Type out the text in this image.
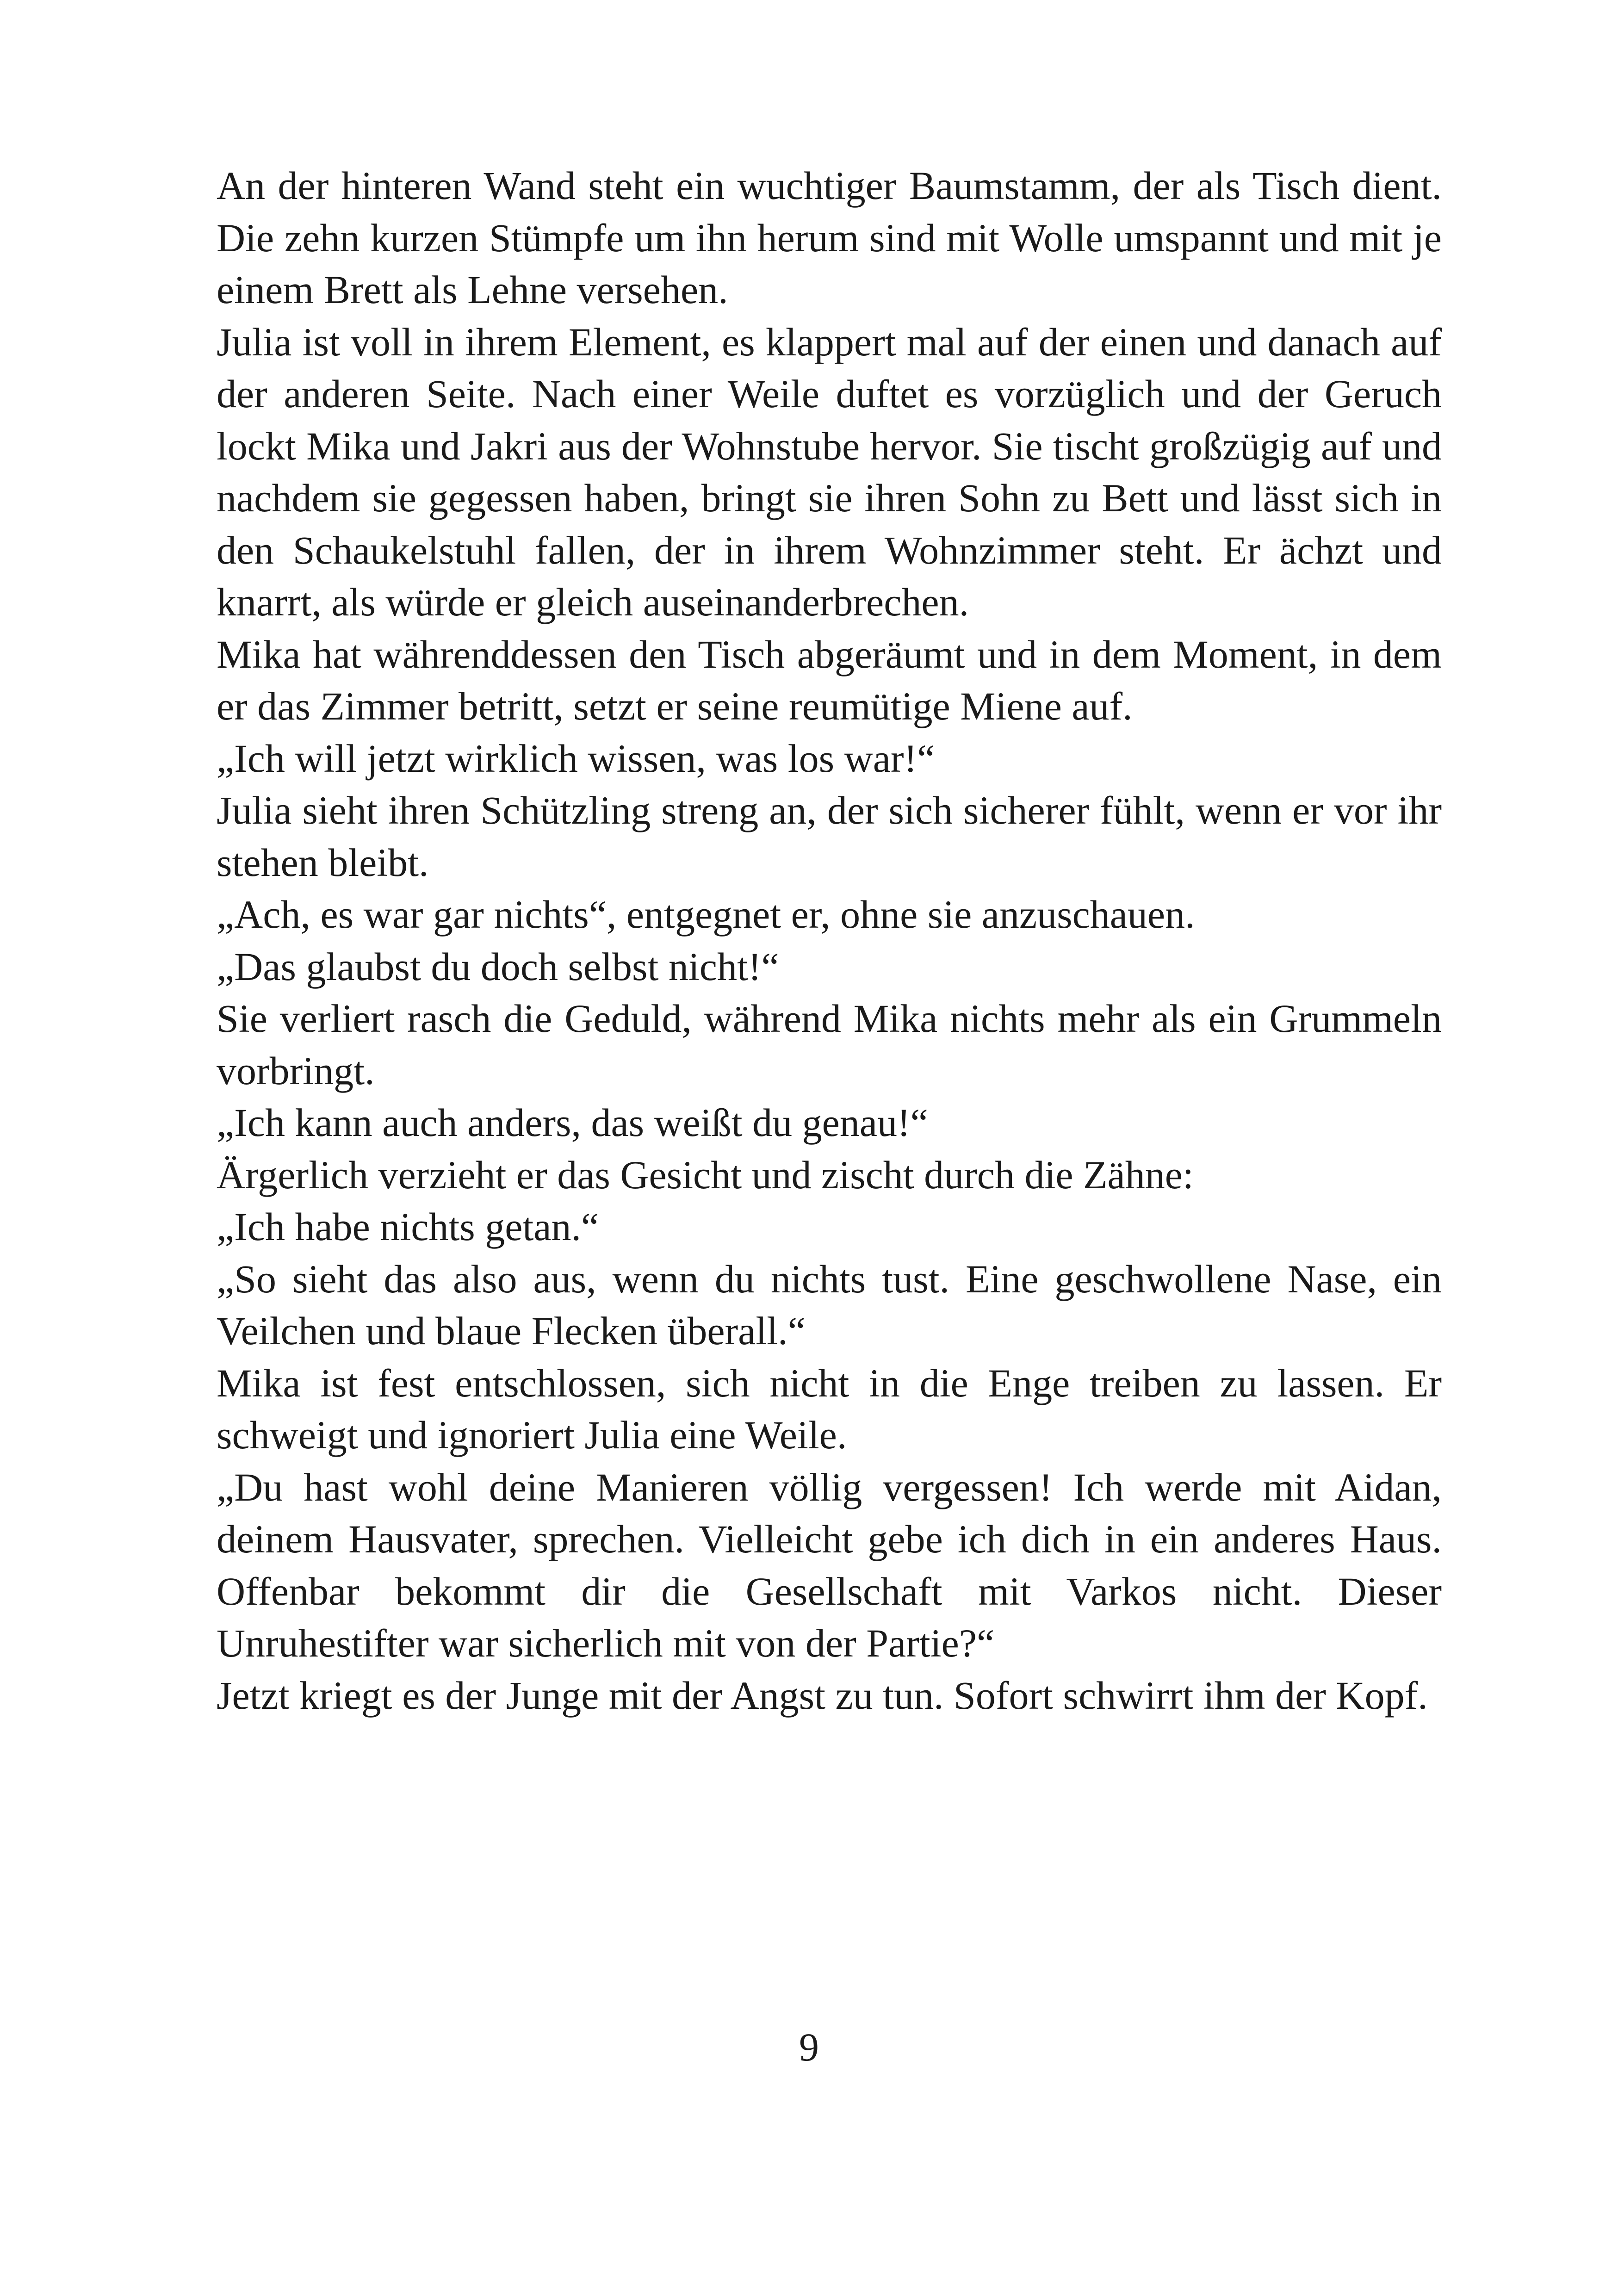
An der hinteren Wand steht ein wuchtiger Baumstamm, der als Tisch dient. Die zehn kurzen Stümpfe um ihn herum sind mit Wolle umspannt und mit je einem Brett als Lehne versehen.

Julia ist voll in ihrem Element, es klappert mal auf der einen und danach auf der anderen Seite. Nach einer Weile duftet es vorzüglich und der Geruch lockt Mika und Jakri aus der Wohnstube hervor. Sie tischt großzügig auf und nachdem sie gegessen haben, bringt sie ihren Sohn zu Bett und lässt sich in den Schaukelstuhl fallen, der in ihrem Wohnzimmer steht. Er ächzt und knarrt, als würde er gleich auseinanderbrechen.

Mika hat währenddessen den Tisch abgeräumt und in dem Moment, in dem er das Zimmer betritt, setzt er seine reumütige Miene auf.

„Ich will jetzt wirklich wissen, was los war!“

Julia sieht ihren Schützling streng an, der sich sicherer fühlt, wenn er vor ihr stehen bleibt.

„Ach, es war gar nichts“, entgegnet er, ohne sie anzuschauen.

„Das glaubst du doch selbst nicht!“

Sie verliert rasch die Geduld, während Mika nichts mehr als ein Grummeln vorbringt.

„Ich kann auch anders, das weißt du genau!“

Ärgerlich verzieht er das Gesicht und zischt durch die Zähne:

„Ich habe nichts getan.“

„So sieht das also aus, wenn du nichts tust. Eine geschwollene Nase, ein Veilchen und blaue Flecken überall.“

Mika ist fest entschlossen, sich nicht in die Enge treiben zu lassen. Er schweigt und ignoriert Julia eine Weile.

„Du hast wohl deine Manieren völlig vergessen! Ich werde mit Aidan, deinem Hausvater, sprechen. Vielleicht gebe ich dich in ein anderes Haus. Offenbar bekommt dir die Gesellschaft mit Varkos nicht. Dieser Unruhestifter war sicherlich mit von der Partie?“

Jetzt kriegt es der Junge mit der Angst zu tun. Sofort schwirrt ihm der Kopf.

9
